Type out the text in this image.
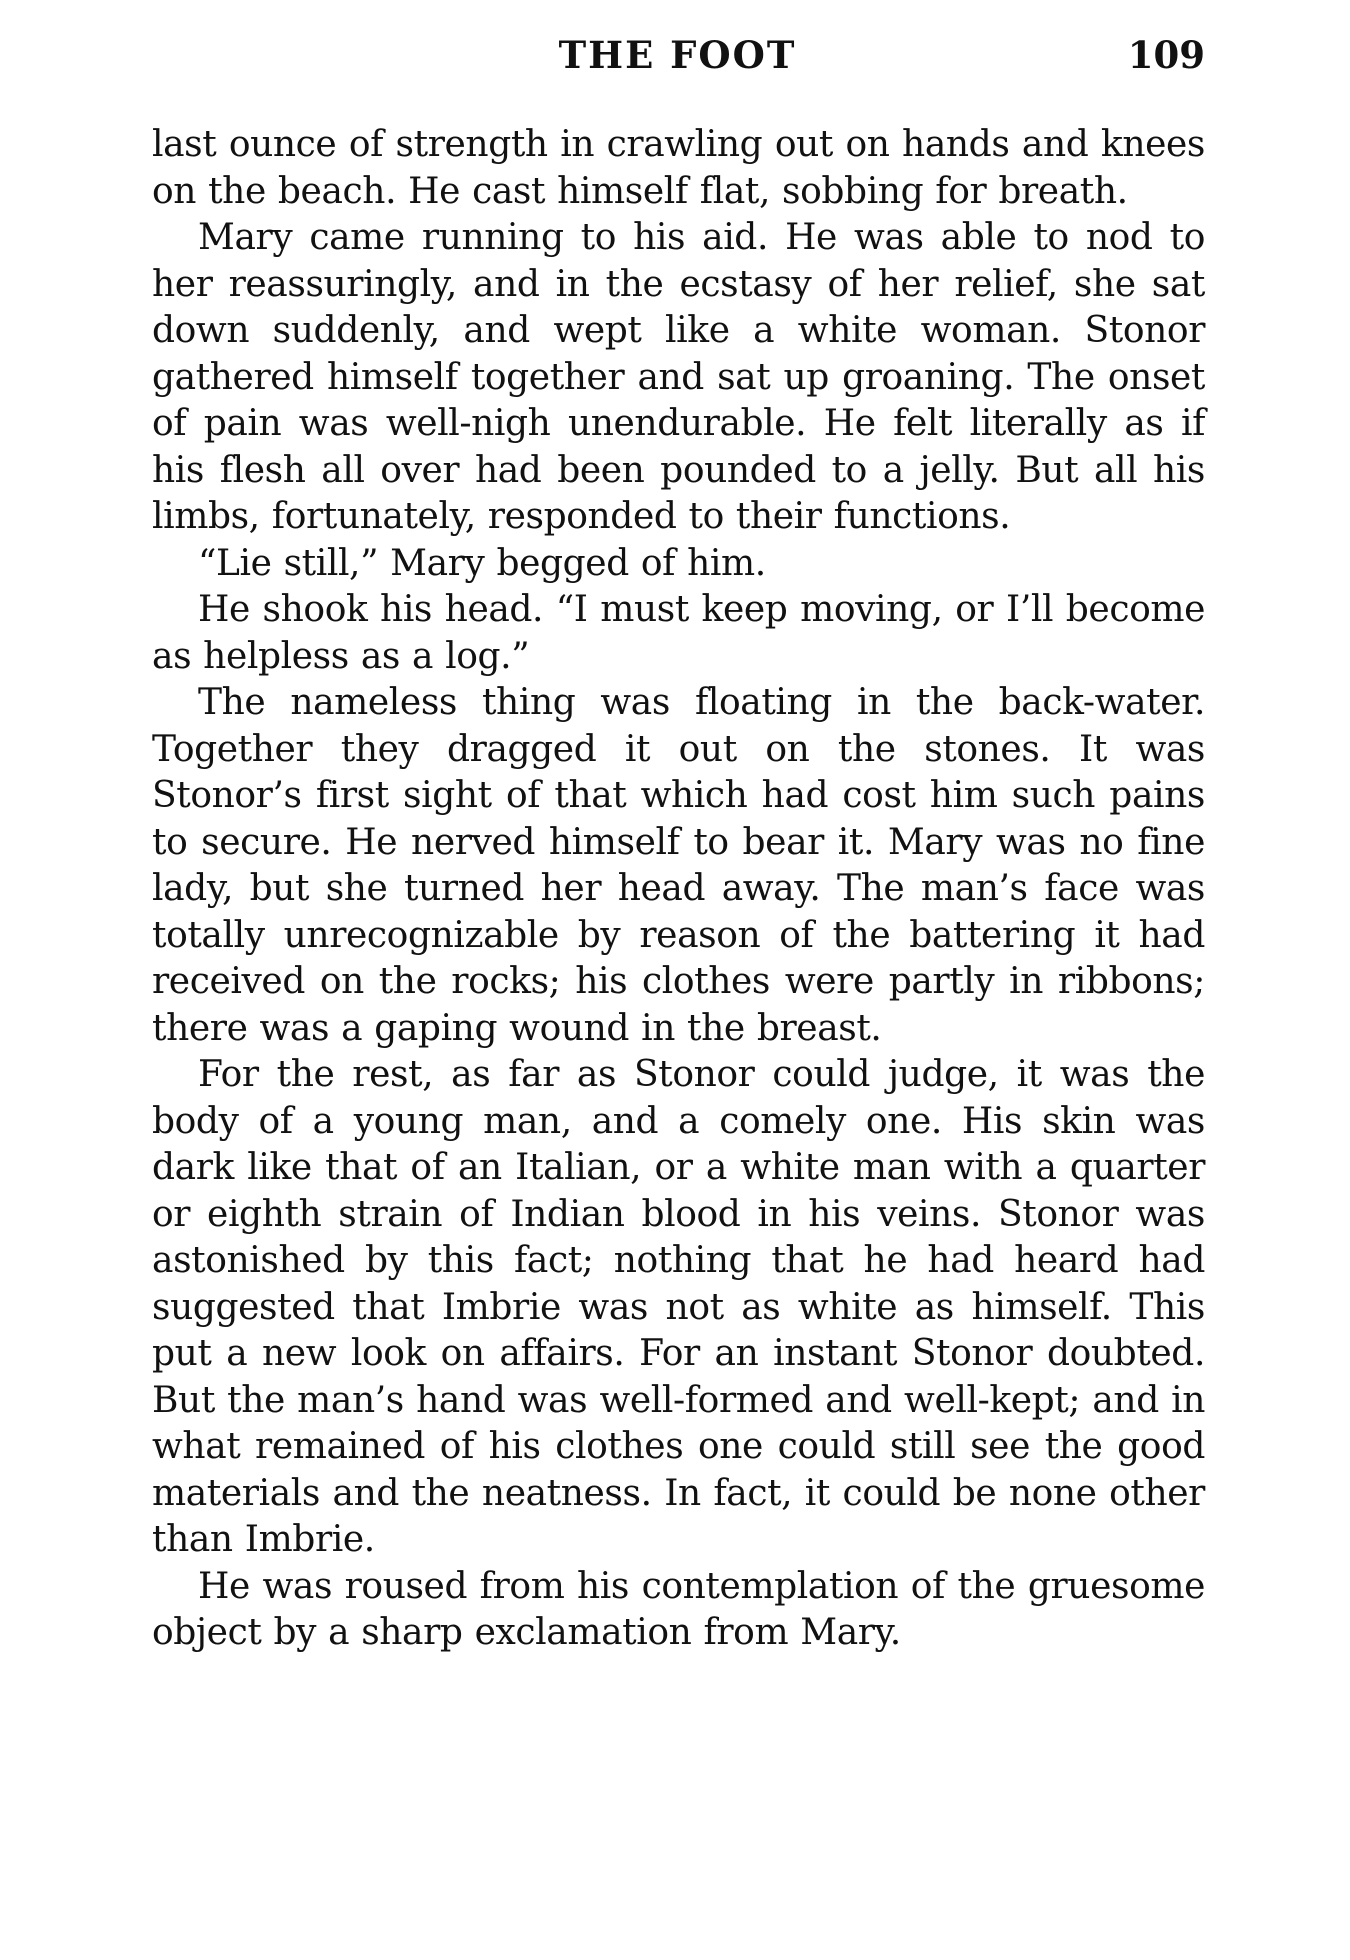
THE FOOT	109

last ounce of strength in crawling out on hands and knees on the beach. He cast himself flat, sobbing for breath.

Mary came running to his aid. He was able to nod to her reassuringly, and in the ecstasy of her relief, she sat down suddenly, and wept like a white woman. Stonor gathered himself together and sat up groaning. The onset of pain was well-nigh unendurable. He felt literally as if his flesh all over had been pounded to a jelly. But all his limbs, fortunately, responded to their functions.

“Lie still,” Mary begged of him.

He shook his head. “I must keep moving, or I’ll become as helpless as a log.”

The nameless thing was floating in the back-water. Together they dragged it out on the stones. It was Stonor’s first sight of that which had cost him such pains to secure. He nerved himself to bear it. Mary was no fine lady, but she turned her head away. The man’s face was totally unrecognizable by reason of the battering it had received on the rocks; his clothes were partly in ribbons; there was a gaping wound in the breast.

For the rest, as far as Stonor could judge, it was the body of a young man, and a comely one. His skin was dark like that of an Italian, or a white man with a quarter or eighth strain of Indian blood in his veins. Stonor was astonished by this fact; nothing that he had heard had suggested that Imbrie was not as white as himself. This put a new look on affairs. For an instant Stonor doubted. But the man’s hand was well-formed and well-kept; and in what remained of his clothes one could still see the good materials and the neatness. In fact, it could be none other than Imbrie.

He was roused from his contemplation of the gruesome object by a sharp exclamation from Mary.
